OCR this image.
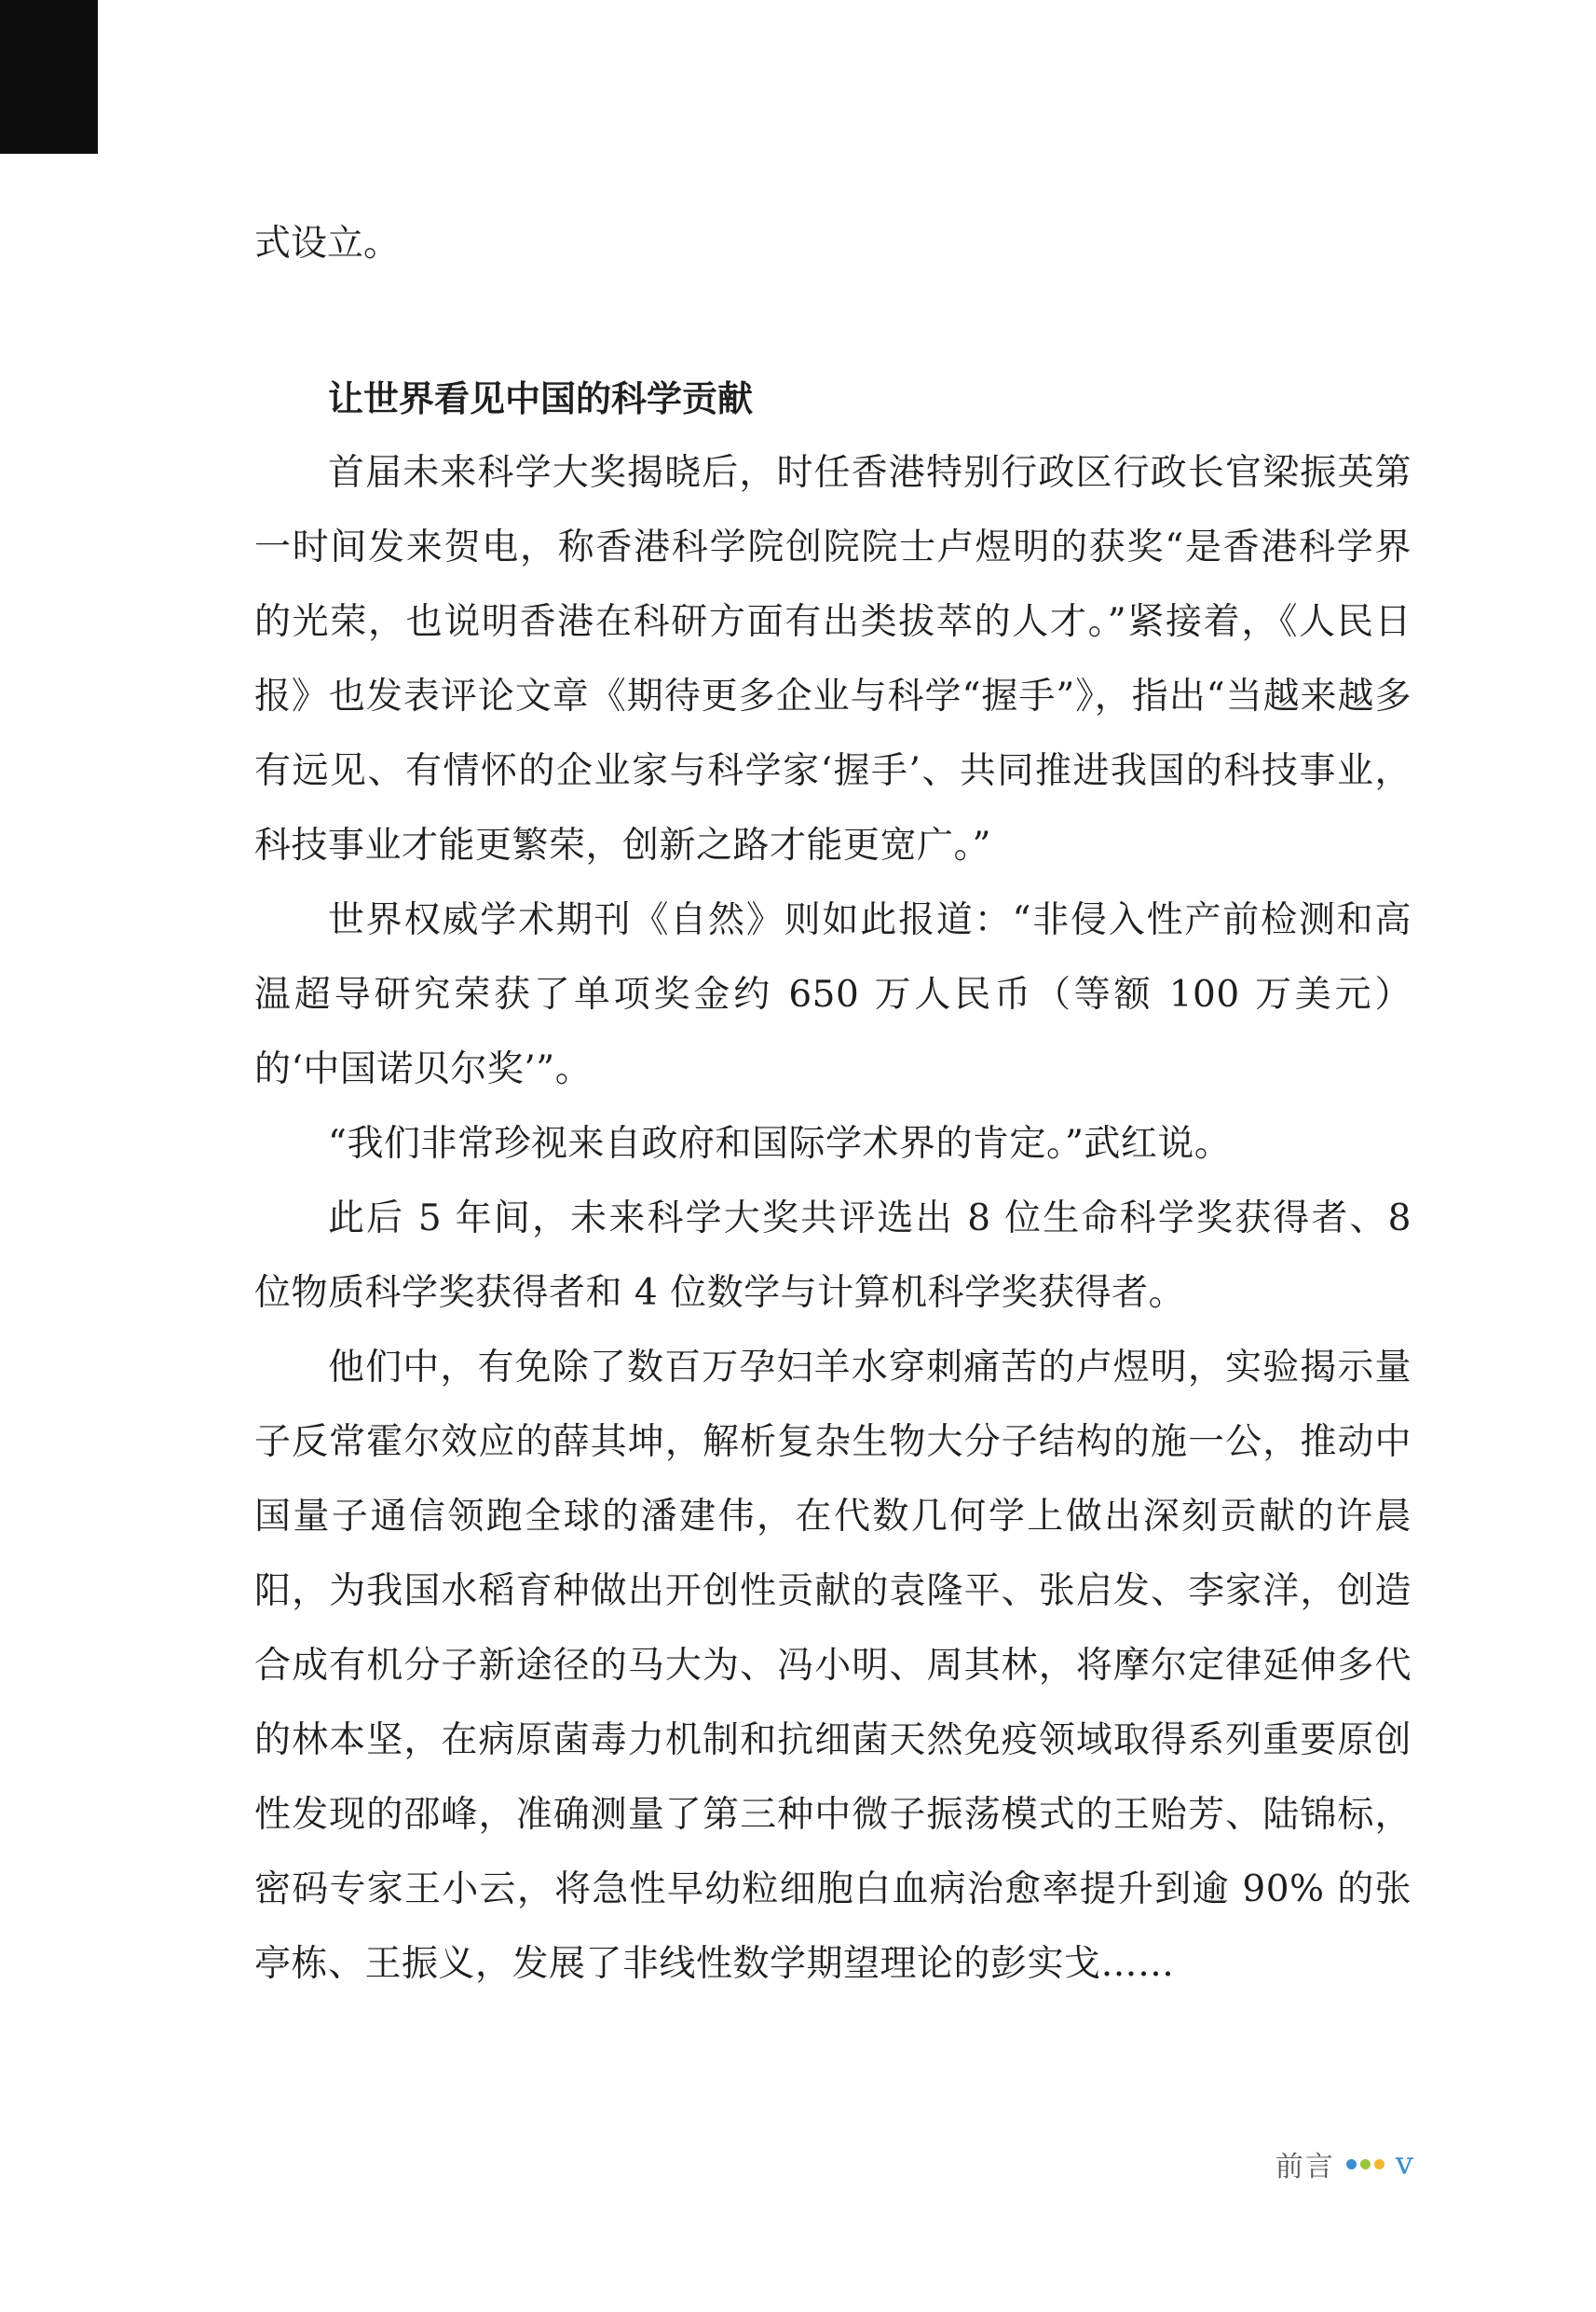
式设立。

让世界看见中国的科学贡献

首届未来科学大奖揭晓后，时任香港特别行政区行政长官梁振英第一时间发来贺电，称香港科学院创院院士卢煜明的获奖“是香港科学界的光荣，也说明香港在科研方面有出类拔萃的人才。”紧接着，《人民日报》也发表评论文章《期待更多企业与科学“握手”》，指出“当越来越多有远见、有情怀的企业家与科学家‘握手’、共同推进我国的科技事业，科技事业才能更繁荣，创新之路才能更宽广。”

世界权威学术期刊《自然》则如此报道：“非侵入性产前检测和高温超导研究荣获了单项奖金约 650 万人民币（等额 100 万美元）的‘中国诺贝尔奖’”。

“我们非常珍视来自政府和国际学术界的肯定。”武红说。

此后 5 年间，未来科学大奖共评选出 8 位生命科学奖获得者、8 位物质科学奖获得者和 4 位数学与计算机科学奖获得者。

他们中，有免除了数百万孕妇羊水穿刺痛苦的卢煜明，实验揭示量子反常霍尔效应的薛其坤，解析复杂生物大分子结构的施一公，推动中国量子通信领跑全球的潘建伟，在代数几何学上做出深刻贡献的许晨阳，为我国水稻育种做出开创性贡献的袁隆平、张启发、李家洋，创造合成有机分子新途径的马大为、冯小明、周其林，将摩尔定律延伸多代的林本坚，在病原菌毒力机制和抗细菌天然免疫领域取得系列重要原创性发现的邵峰，准确测量了第三种中微子振荡模式的王贻芳、陆锦标，密码专家王小云，将急性早幼粒细胞白血病治愈率提升到逾 90% 的张亭栋、王振义，发展了非线性数学期望理论的彭实戈……

前言 v
